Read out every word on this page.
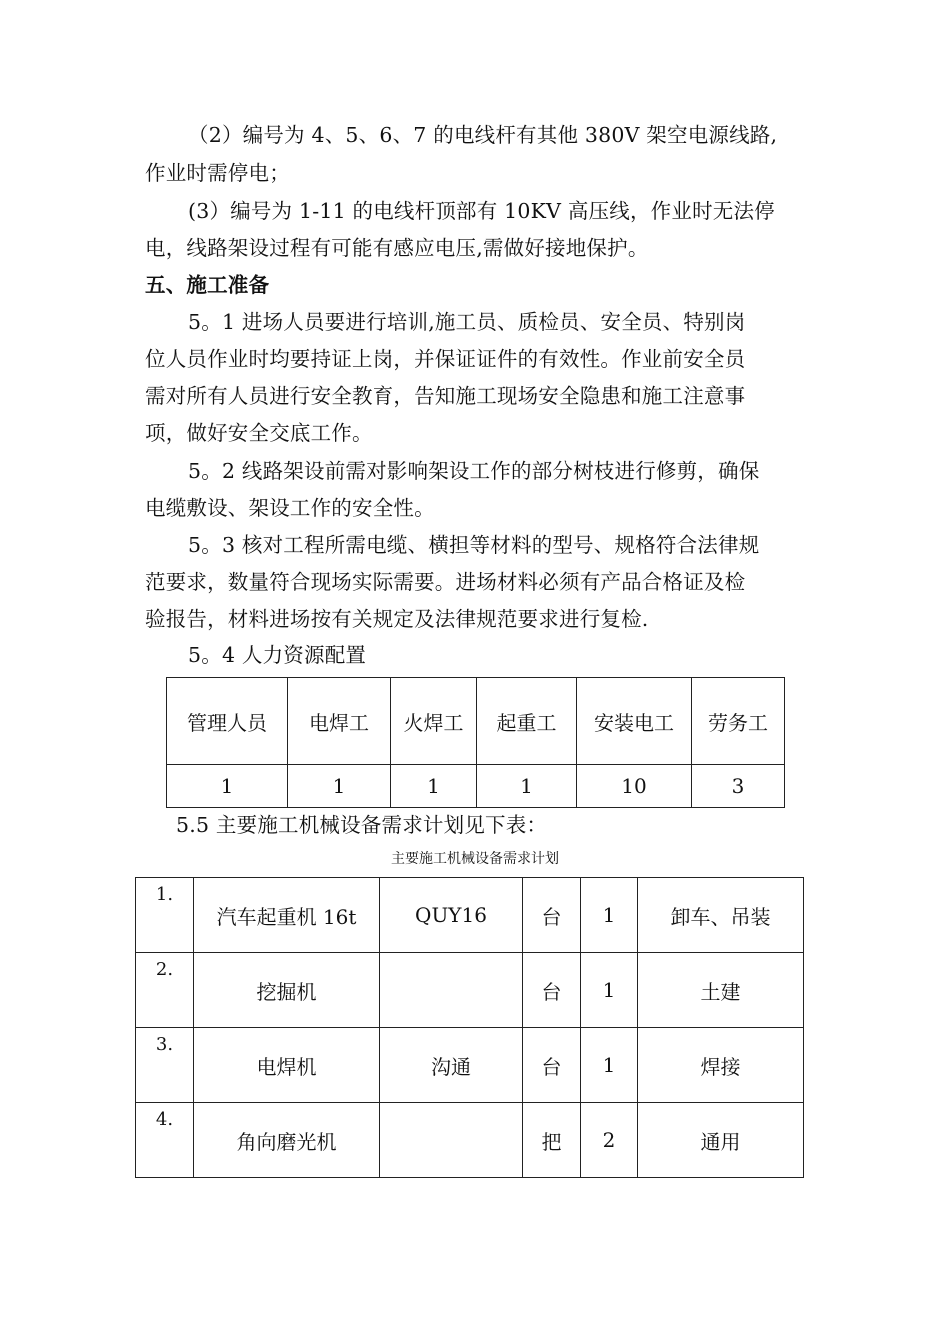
（2）编号为 4、5、6、7 的电线杆有其他 380V 架空电源线路,
作业时需停电；
(3）编号为 1-11 的电线杆顶部有 10KV 高压线，作业时无法停
电，线路架设过程有可能有感应电压,需做好接地保护。
五、施工准备
5。1 进场人员要进行培训,施工员、质检员、安全员、特别岗
位人员作业时均要持证上岗，并保证证件的有效性。作业前安全员
需对所有人员进行安全教育，告知施工现场安全隐患和施工注意事
项，做好安全交底工作。
5。2 线路架设前需对影响架设工作的部分树枝进行修剪，确保
电缆敷设、架设工作的安全性。
5。3 核对工程所需电缆、横担等材料的型号、规格符合法律规
范要求，数量符合现场实际需要。进场材料必须有产品合格证及检
验报告，材料进场按有关规定及法律规范要求进行复检.
5。4 人力资源配置
管理人员	电焊工	火焊工	起重工	安装电工	劳务工
1	1	1	1	10	3
5.5 主要施工机械设备需求计划见下表：
主要施工机械设备需求计划
1.	汽车起重机 16t	QUY16	台	1	卸车、吊装
2.	挖掘机		台	1	土建
3.	电焊机	沟通	台	1	焊接
4.	角向磨光机		把	2	通用
